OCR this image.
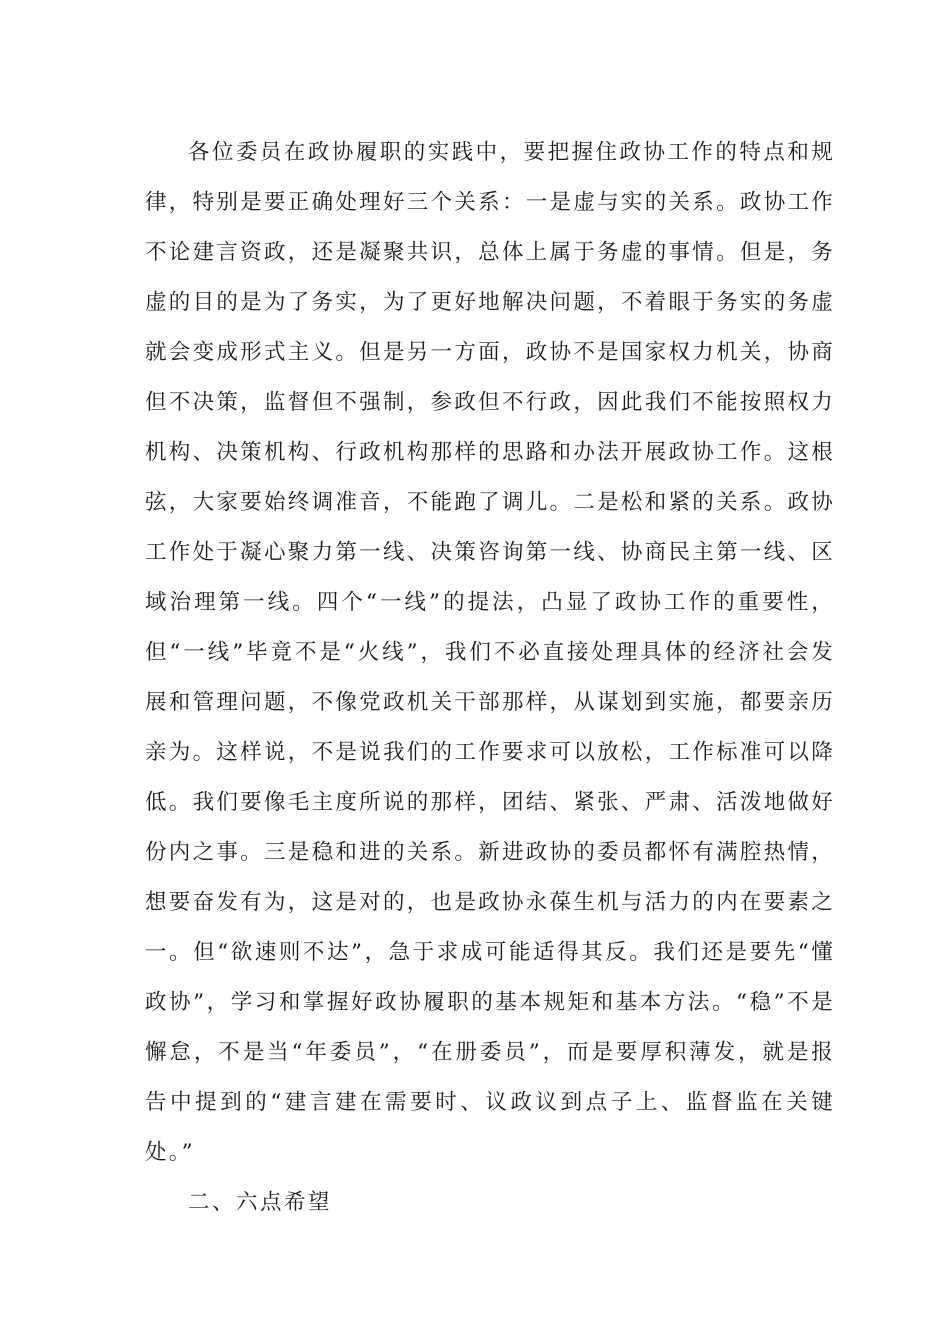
各位委员在政协履职的实践中，要把握住政协工作的特点和规律，特别是要正确处理好三个关系：一是虚与实的关系。政协工作不论建言资政，还是凝聚共识，总体上属于务虚的事情。但是，务虚的目的是为了务实，为了更好地解决问题，不着眼于务实的务虚就会变成形式主义。但是另一方面，政协不是国家权力机关，协商但不决策，监督但不强制，参政但不行政，因此我们不能按照权力机构、决策机构、行政机构那样的思路和办法开展政协工作。这根弦，大家要始终调准音，不能跑了调儿。二是松和紧的关系。政协工作处于凝心聚力第一线、决策咨询第一线、协商民主第一线、区域治理第一线。四个“一线”的提法，凸显了政协工作的重要性，但“一线”毕竟不是“火线”，我们不必直接处理具体的经济社会发展和管理问题，不像党政机关干部那样，从谋划到实施，都要亲历亲为。这样说，不是说我们的工作要求可以放松，工作标准可以降低。我们要像毛主度所说的那样，团结、紧张、严肃、活泼地做好份内之事。三是稳和进的关系。新进政协的委员都怀有满腔热情，想要奋发有为，这是对的，也是政协永葆生机与活力的内在要素之一。但“欲速则不达”，急于求成可能适得其反。我们还是要先“懂政协”，学习和掌握好政协履职的基本规矩和基本方法。“稳”不是懈怠，不是当“年委员”，“在册委员”，而是要厚积薄发，就是报告中提到的“建言建在需要时、议政议到点子上、监督监在关键处。”

二、六点希望
